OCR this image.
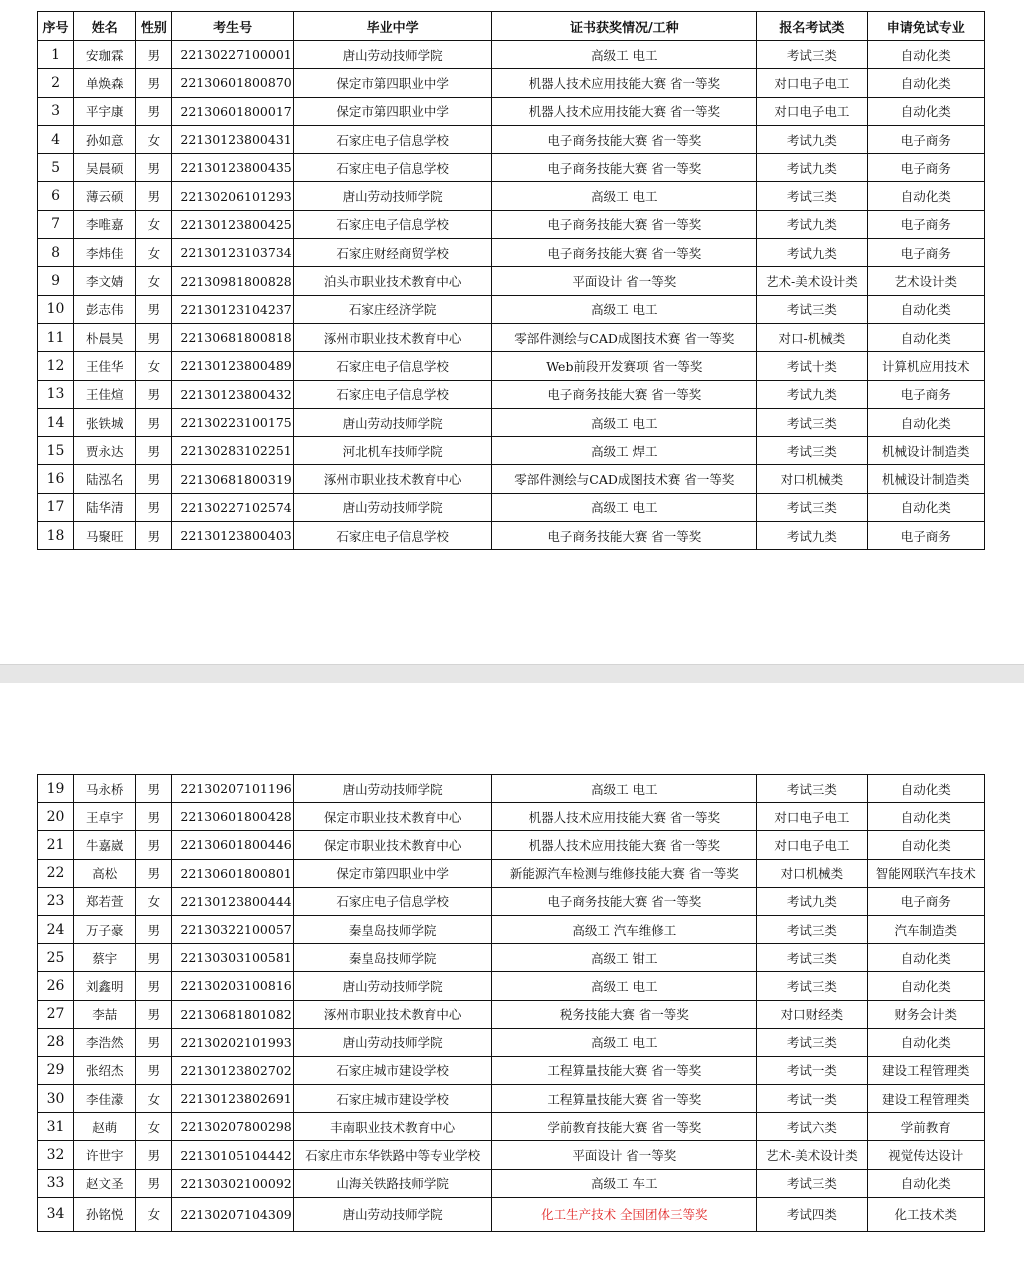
序号	姓名	性别	考生号	毕业中学	证书获奖情况/工种	报名考试类	申请免试专业
1	安珈霖	男	22130227100001	唐山劳动技师学院	高级工 电工	考试三类	自动化类
2	单焕森	男	22130601800870	保定市第四职业中学	机器人技术应用技能大赛 省一等奖	对口电子电工	自动化类
3	平宇康	男	22130601800017	保定市第四职业中学	机器人技术应用技能大赛 省一等奖	对口电子电工	自动化类
4	孙如意	女	22130123800431	石家庄电子信息学校	电子商务技能大赛 省一等奖	考试九类	电子商务
5	吴晨硕	男	22130123800435	石家庄电子信息学校	电子商务技能大赛 省一等奖	考试九类	电子商务
6	薄云硕	男	22130206101293	唐山劳动技师学院	高级工 电工	考试三类	自动化类
7	李唯嘉	女	22130123800425	石家庄电子信息学校	电子商务技能大赛 省一等奖	考试九类	电子商务
8	李炜佳	女	22130123103734	石家庄财经商贸学校	电子商务技能大赛 省一等奖	考试九类	电子商务
9	李文婧	女	22130981800828	泊头市职业技术教育中心	平面设计 省一等奖	艺术-美术设计类	艺术设计类
10	彭志伟	男	22130123104237	石家庄经济学院	高级工 电工	考试三类	自动化类
11	朴晨昊	男	22130681800818	涿州市职业技术教育中心	零部件测绘与CAD成图技术赛 省一等奖	对口-机械类	自动化类
12	王佳华	女	22130123800489	石家庄电子信息学校	Web前段开发赛项 省一等奖	考试十类	计算机应用技术
13	王佳煊	男	22130123800432	石家庄电子信息学校	电子商务技能大赛 省一等奖	考试九类	电子商务
14	张铁城	男	22130223100175	唐山劳动技师学院	高级工 电工	考试三类	自动化类
15	贾永达	男	22130283102251	河北机车技师学院	高级工 焊工	考试三类	机械设计制造类
16	陆泓名	男	22130681800319	涿州市职业技术教育中心	零部件测绘与CAD成图技术赛 省一等奖	对口机械类	机械设计制造类
17	陆华清	男	22130227102574	唐山劳动技师学院	高级工 电工	考试三类	自动化类
18	马聚旺	男	22130123800403	石家庄电子信息学校	电子商务技能大赛 省一等奖	考试九类	电子商务
19	马永桥	男	22130207101196	唐山劳动技师学院	高级工 电工	考试三类	自动化类
20	王卓宇	男	22130601800428	保定市职业技术教育中心	机器人技术应用技能大赛 省一等奖	对口电子电工	自动化类
21	牛嘉崴	男	22130601800446	保定市职业技术教育中心	机器人技术应用技能大赛 省一等奖	对口电子电工	自动化类
22	高松	男	22130601800801	保定市第四职业中学	新能源汽车检测与维修技能大赛 省一等奖	对口机械类	智能网联汽车技术
23	郑若萱	女	22130123800444	石家庄电子信息学校	电子商务技能大赛 省一等奖	考试九类	电子商务
24	万子豪	男	22130322100057	秦皇岛技师学院	高级工 汽车维修工	考试三类	汽车制造类
25	蔡宇	男	22130303100581	秦皇岛技师学院	高级工 钳工	考试三类	自动化类
26	刘鑫明	男	22130203100816	唐山劳动技师学院	高级工 电工	考试三类	自动化类
27	李喆	男	22130681801082	涿州市职业技术教育中心	税务技能大赛 省一等奖	对口财经类	财务会计类
28	李浩然	男	22130202101993	唐山劳动技师学院	高级工 电工	考试三类	自动化类
29	张绍杰	男	22130123802702	石家庄城市建设学校	工程算量技能大赛 省一等奖	考试一类	建设工程管理类
30	李佳濛	女	22130123802691	石家庄城市建设学校	工程算量技能大赛 省一等奖	考试一类	建设工程管理类
31	赵萌	女	22130207800298	丰南职业技术教育中心	学前教育技能大赛 省一等奖	考试六类	学前教育
32	许世宇	男	22130105104442	石家庄市东华铁路中等专业学校	平面设计 省一等奖	艺术-美术设计类	视觉传达设计
33	赵文圣	男	22130302100092	山海关铁路技师学院	高级工 车工	考试三类	自动化类
34	孙铭悦	女	22130207104309	唐山劳动技师学院	化工生产技术 全国团体三等奖	考试四类	化工技术类
